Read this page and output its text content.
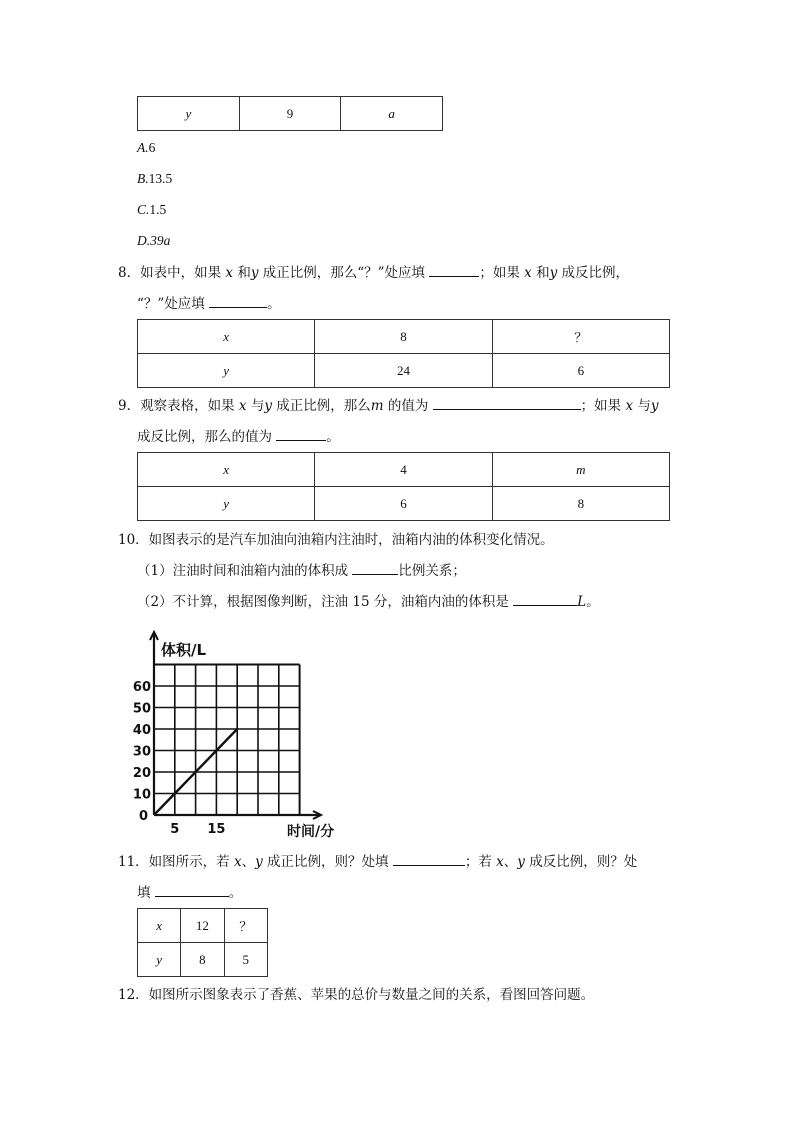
y	9	a
A.6
B.13.5
C.1.5
D.39a
8．如表中，如果 x 和y 成正比例，那么“？”处应填	；如果 x 和y 成反比例，
“？”处应填	。
x	8	？
y	24	6
9．观察表格，如果 x 与y 成正比例，那么m 的值为	；如果 x 与y
成反比例，那么的值为	。
x	4	m
y	6	8
10．如图表示的是汽车加油向油箱内注油时，油箱内油的体积变化情况。
（1）注油时间和油箱内油的体积成	比例关系；
（2）不计算，根据图像判断，注油 15 分，油箱内油的体积是	L。
0
10
20
30
40
50
60
5 15
体积/L
时间/分
11．如图所示，若 x、y 成正比例，则？处填	；若 x、y 成反比例，则？处
填	。
x	12	？
y	8	5
12．如图所示图象表示了香蕉、苹果的总价与数量之间的关系，看图回答问题。
